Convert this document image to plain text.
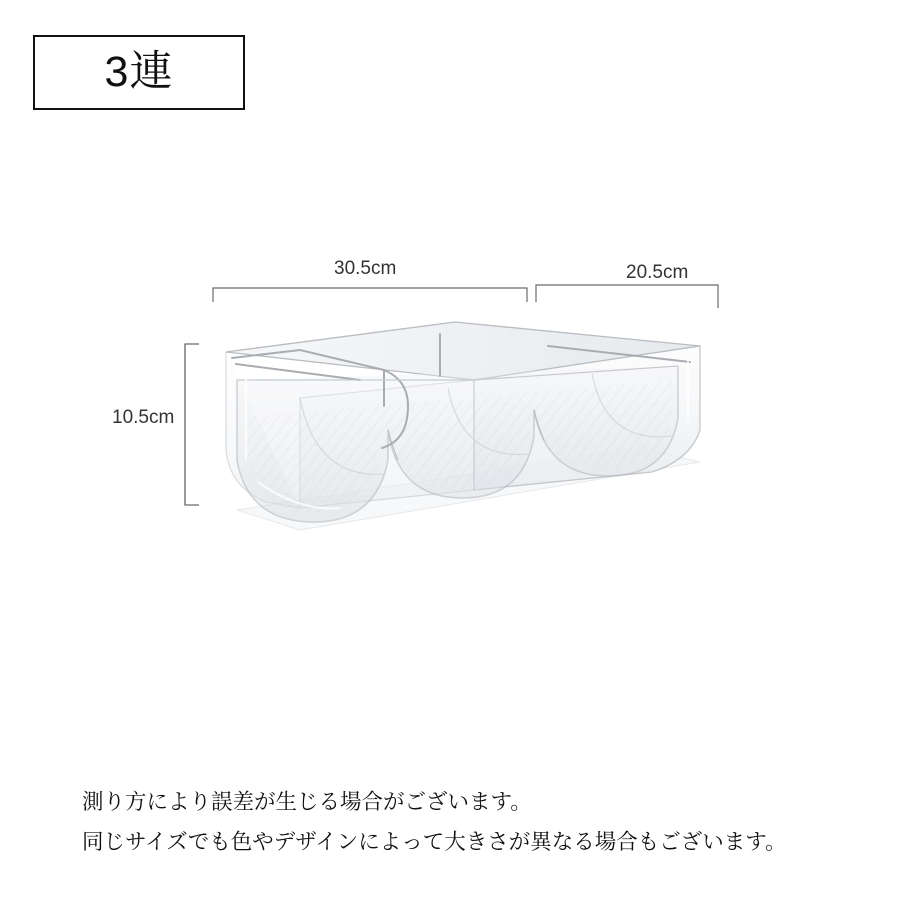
3連
30.5cm	20.5cm
10.5cm

測り方により誤差が生じる場合がございます。

同じサイズでも色やデザインによって大きさが異なる場合もございます。
